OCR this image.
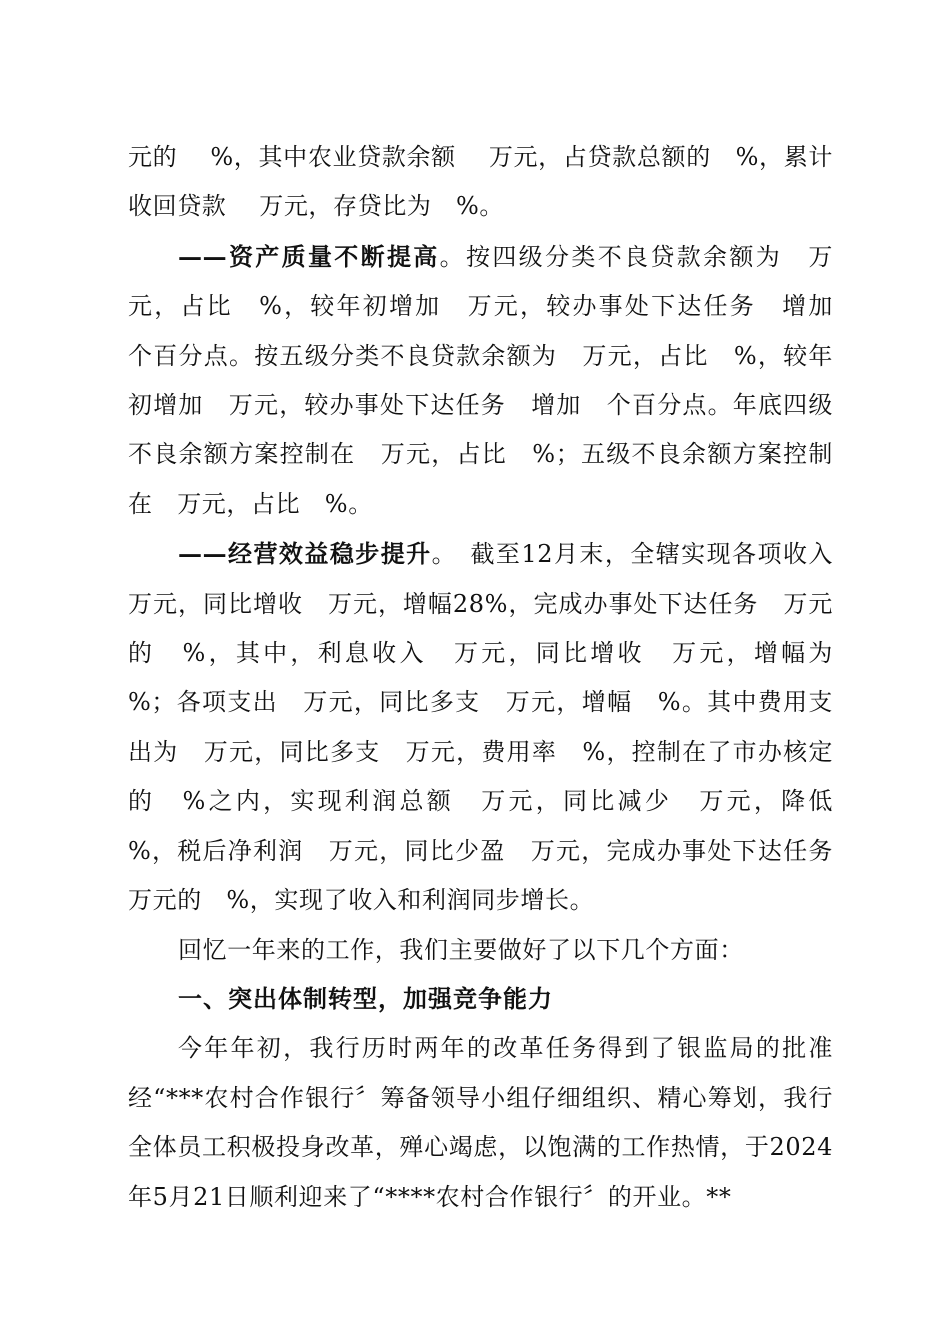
元的　 %，其中农业贷款余额　 万元，占贷款总额的　%，累计收回贷款　 万元，存贷比为　%。

——资产质量不断提高。按四级分类不良贷款余额为　万元，占比　%，较年初增加　万元，较办事处下达任务　增加　个百分点。按五级分类不良贷款余额为　万元，占比　%，较年初增加　万元，较办事处下达任务　增加　个百分点。年底四级不良余额方案控制在　万元，占比　%；五级不良余额方案控制在　万元，占比　%。

——经营效益稳步提升。　截至12月末，全辖实现各项收入　万元，同比增收　万元，增幅28%，完成办事处下达任务　万元的　%，其中，利息收入　万元，同比增收　万元，增幅为　%；各项支出　万元，同比多支　万元，增幅　%。其中费用支出为　万元，同比多支　万元，费用率　%，控制在了市办核定的　%之内，实现利润总额　万元，同比减少　万元，降低　%，税后净利润　万元，同比少盈　万元，完成办事处下达任务　万元的　%，实现了收入和利润同步增长。

回忆一年来的工作，我们主要做好了以下几个方面：

一、突出体制转型，加强竞争能力

今年年初，我行历时两年的改革任务得到了银监局的批准经“***农村合作银行〞筹备领导小组仔细组织、精心筹划，我行全体员工积极投身改革，殚心竭虑，以饱满的工作热情，于2024年5月21日顺利迎来了“****农村合作银行〞的开业。**
